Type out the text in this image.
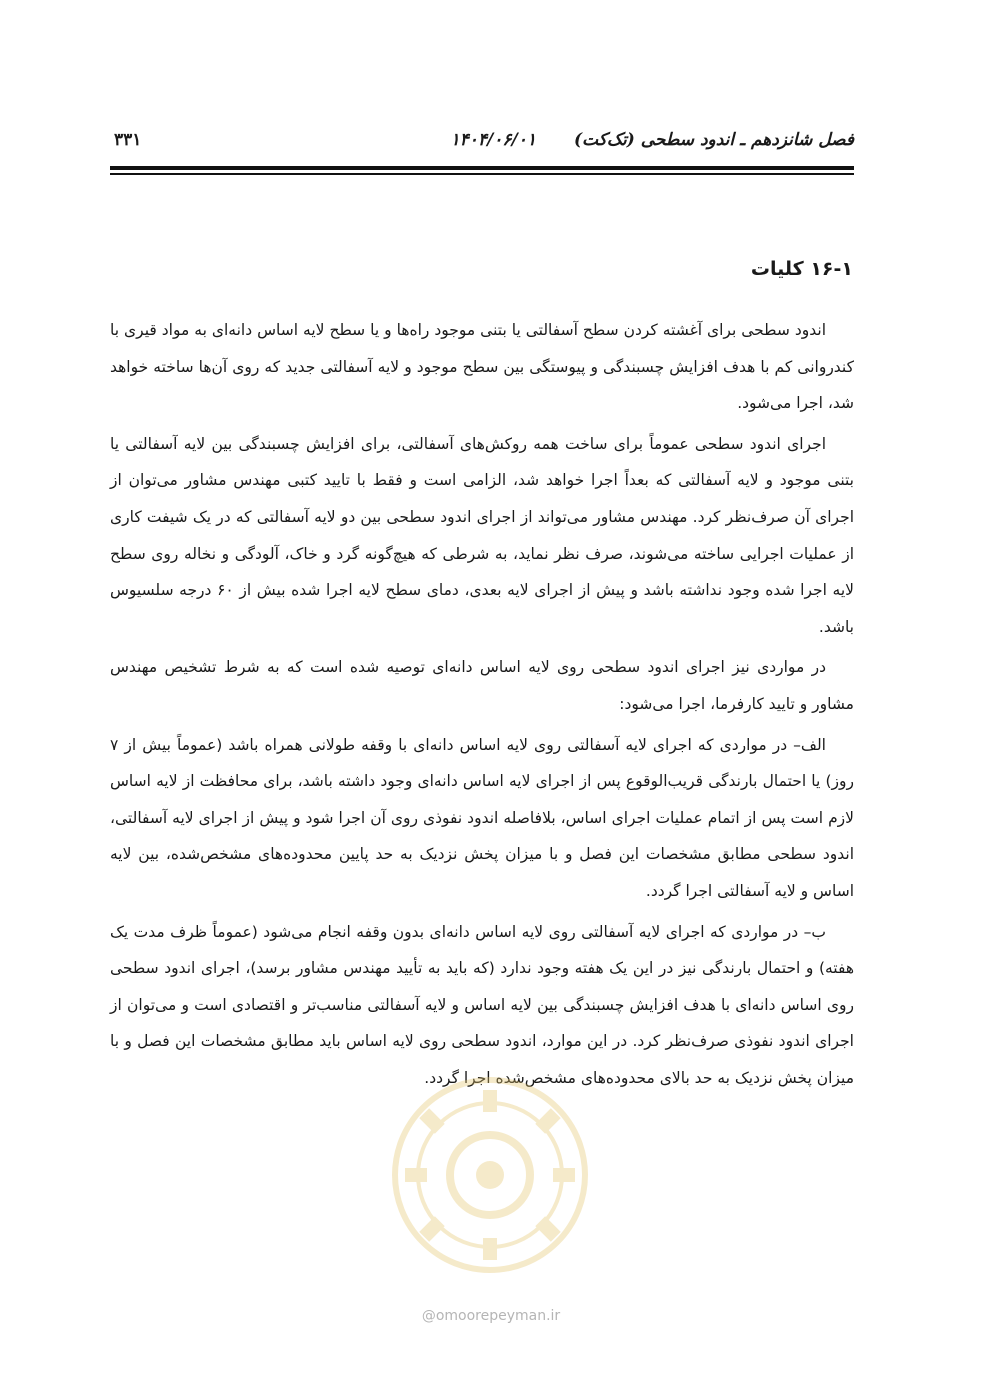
فصل شانزدهم ـ اندود سطحی (تک‌کت)
۱۴۰۴/۰۶/۰۱
۳۳۱
۱۶-۱ کلیات

اندود سطحی برای آغشته کردن سطح آسفالتی یا بتنی موجود راه‌ها و یا سطح لایه اساس دانه‌ای به مواد قیری با کندروانی کم با هدف افزایش چسبندگی و پیوستگی بین سطح موجود و لایه آسفالتی جدید که روی آن‌ها ساخته خواهد شد، اجرا می‌شود.

اجرای اندود سطحی عموماً برای ساخت همه روکش‌های آسفالتی، برای افزایش چسبندگی بین لایه آسفالتی یا بتنی موجود و لایه آسفالتی که بعداً اجرا خواهد شد، الزامی است و فقط با تایید کتبی مهندس مشاور می‌توان از اجرای آن صرف‌نظر کرد. مهندس مشاور می‌تواند از اجرای اندود سطحی بین دو لایه آسفالتی که در یک شیفت کاری از عملیات اجرایی ساخته می‌شوند، صرف نظر نماید، به شرطی که هیچ‌گونه گرد و خاک، آلودگی و نخاله روی سطح لایه اجرا شده وجود نداشته باشد و پیش از اجرای لایه بعدی، دمای سطح لایه اجرا شده بیش از ۶۰ درجه سلسیوس باشد.

در مواردی نیز اجرای اندود سطحی روی لایه اساس دانه‌ای توصیه شده است که به شرط تشخیص مهندس مشاور و تایید کارفرما، اجرا می‌شود:

الف– در مواردی که اجرای لایه آسفالتی روی لایه اساس دانه‌ای با وقفه طولانی همراه باشد (عموماً بیش از ۷ روز) یا احتمال بارندگی قریب‌الوقوع پس از اجرای لایه اساس دانه‌ای وجود داشته باشد، برای محافظت از لایه اساس لازم است پس از اتمام عملیات اجرای اساس، بلافاصله اندود نفوذی روی آن اجرا شود و پیش از اجرای لایه آسفالتی، اندود سطحی مطابق مشخصات این فصل و با میزان پخش نزدیک به حد پایین محدوده‌های مشخص‌شده، بین لایه اساس و لایه آسفالتی اجرا گردد.

ب– در مواردی که اجرای لایه آسفالتی روی لایه اساس دانه‌ای بدون وقفه انجام می‌شود (عموماً ظرف مدت یک هفته) و احتمال بارندگی نیز در این یک هفته وجود ندارد (که باید به تأیید مهندس مشاور برسد)، اجرای اندود سطحی روی اساس دانه‌ای با هدف افزایش چسبندگی بین لایه اساس و لایه آسفالتی مناسب‌تر و اقتصادی است و می‌توان از اجرای اندود نفوذی صرف‌نظر کرد. در این موارد، اندود سطحی روی لایه اساس باید مطابق مشخصات این فصل و با میزان پخش نزدیک به حد بالای محدوده‌های مشخص‌شده اجرا گردد.

@omoorepeyman.ir
